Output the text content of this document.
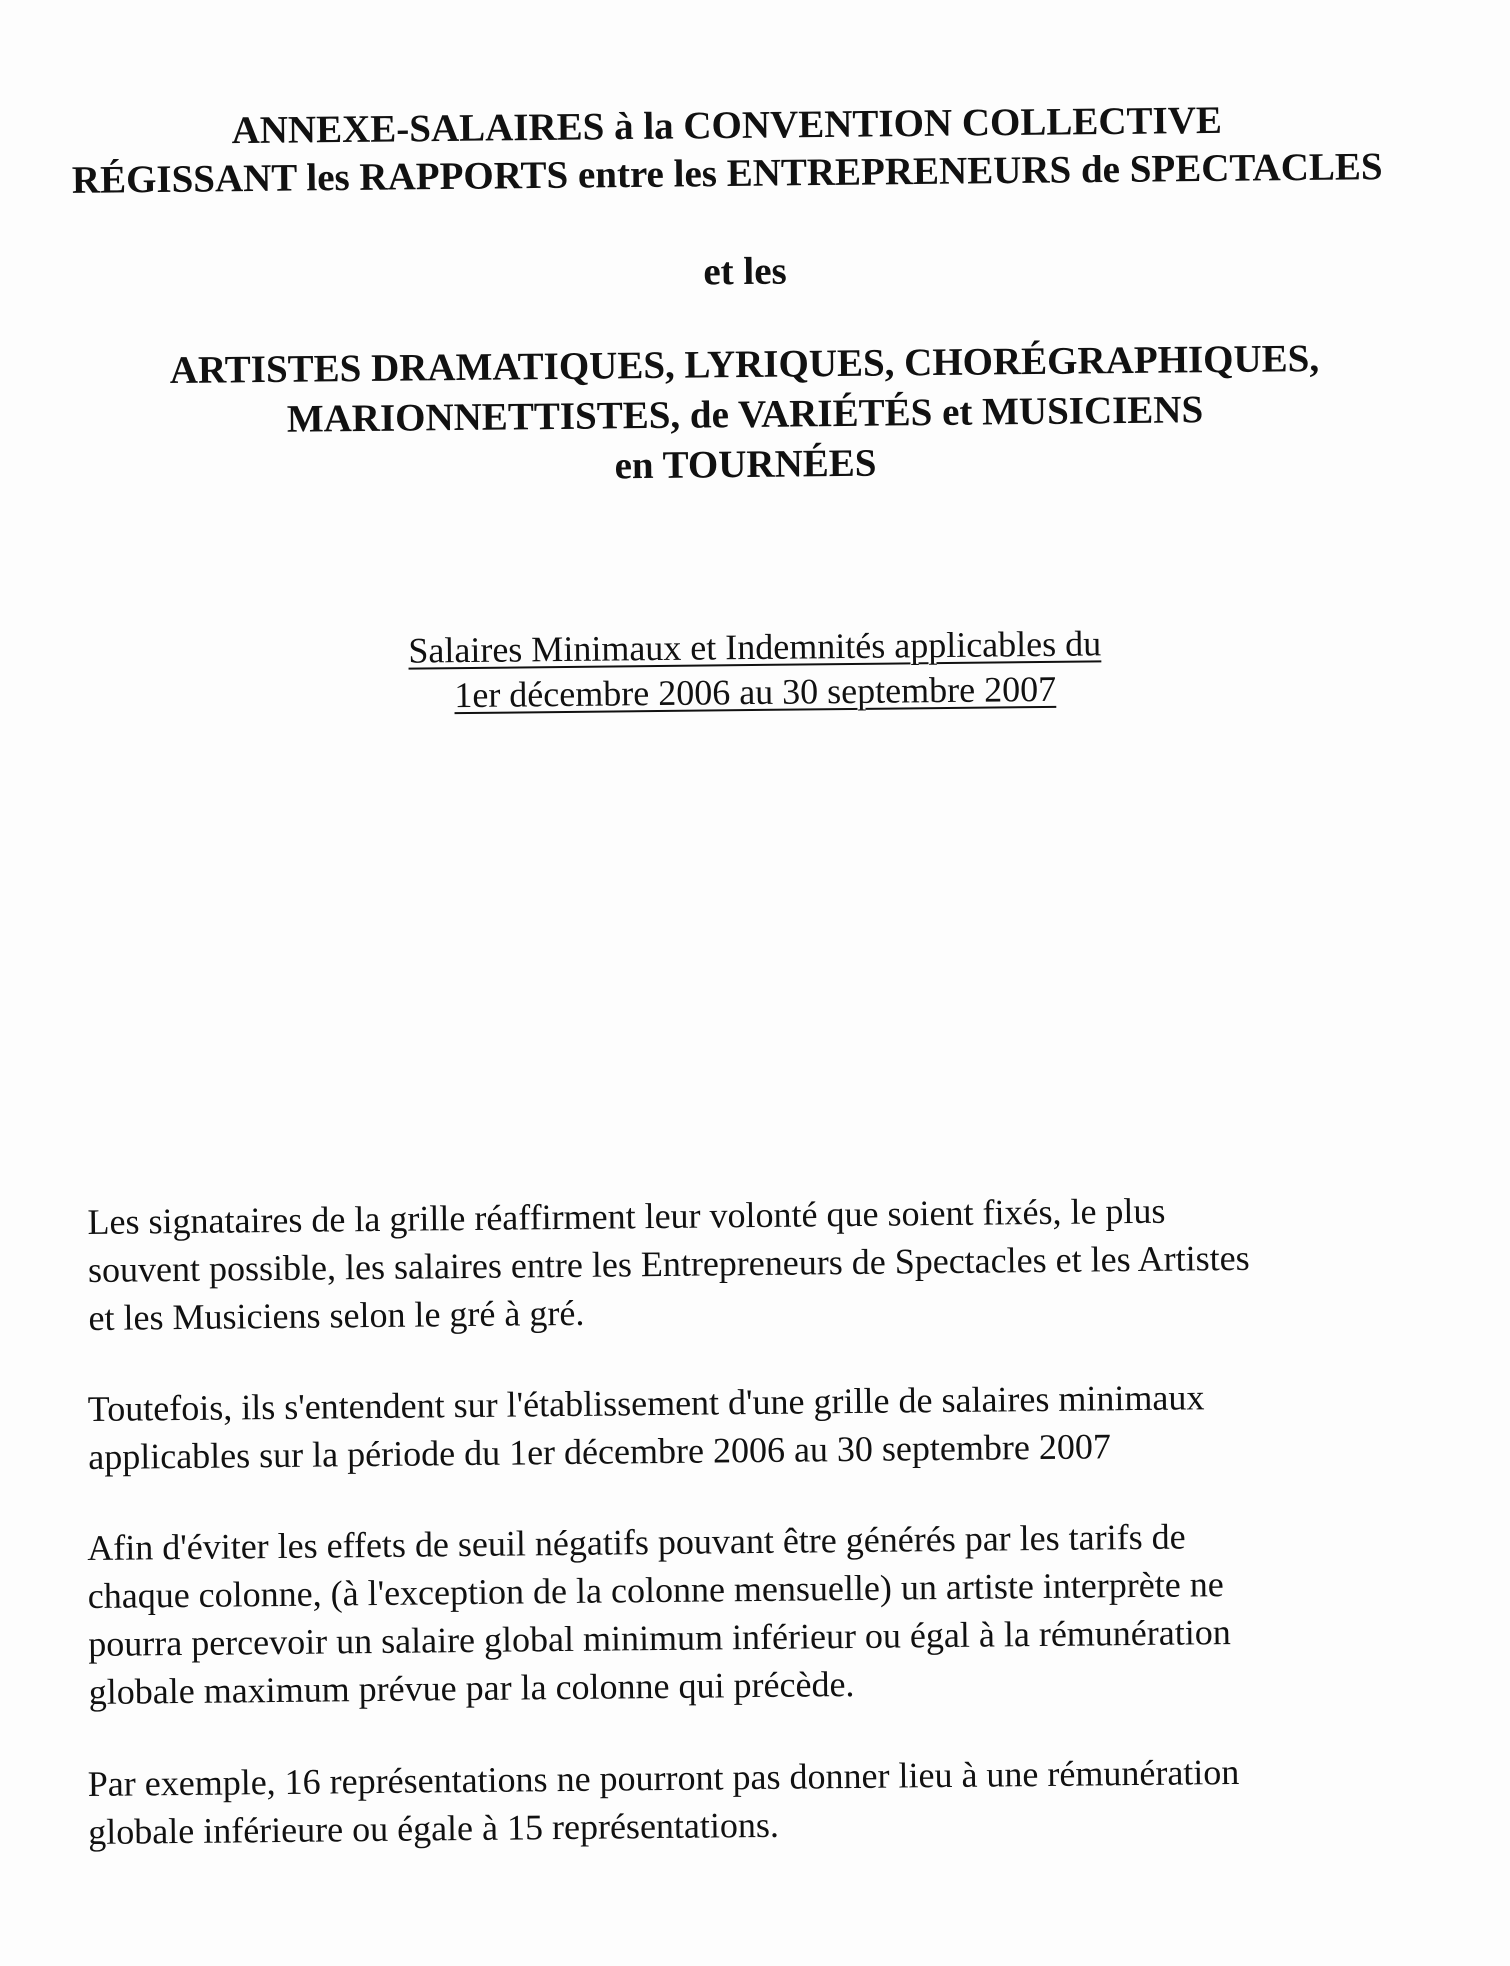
ANNEXE-SALAIRES à la CONVENTION COLLECTIVE
RÉGISSANT les RAPPORTS entre les ENTREPRENEURS de SPECTACLES
et les
ARTISTES DRAMATIQUES, LYRIQUES, CHORÉGRAPHIQUES,
MARIONNETTISTES, de VARIÉTÉS et MUSICIENS
en TOURNÉES
Salaires Minimaux et Indemnités applicables du
1er décembre 2006 au 30 septembre 2007
Les signataires de la grille réaffirment leur volonté que soient fixés, le plus
souvent possible, les salaires entre les Entrepreneurs de Spectacles et les Artistes
et les Musiciens selon le gré à gré.
Toutefois, ils s'entendent sur l'établissement d'une grille de salaires minimaux
applicables sur la période du 1er décembre 2006 au 30 septembre 2007
Afin d'éviter les effets de seuil négatifs pouvant être générés par les tarifs de
chaque colonne, (à l'exception de la colonne mensuelle) un artiste interprète ne
pourra percevoir un salaire global minimum inférieur ou égal à la rémunération
globale maximum prévue par la colonne qui précède.
Par exemple, 16 représentations ne pourront pas donner lieu à une rémunération
globale inférieure ou égale à 15 représentations.
